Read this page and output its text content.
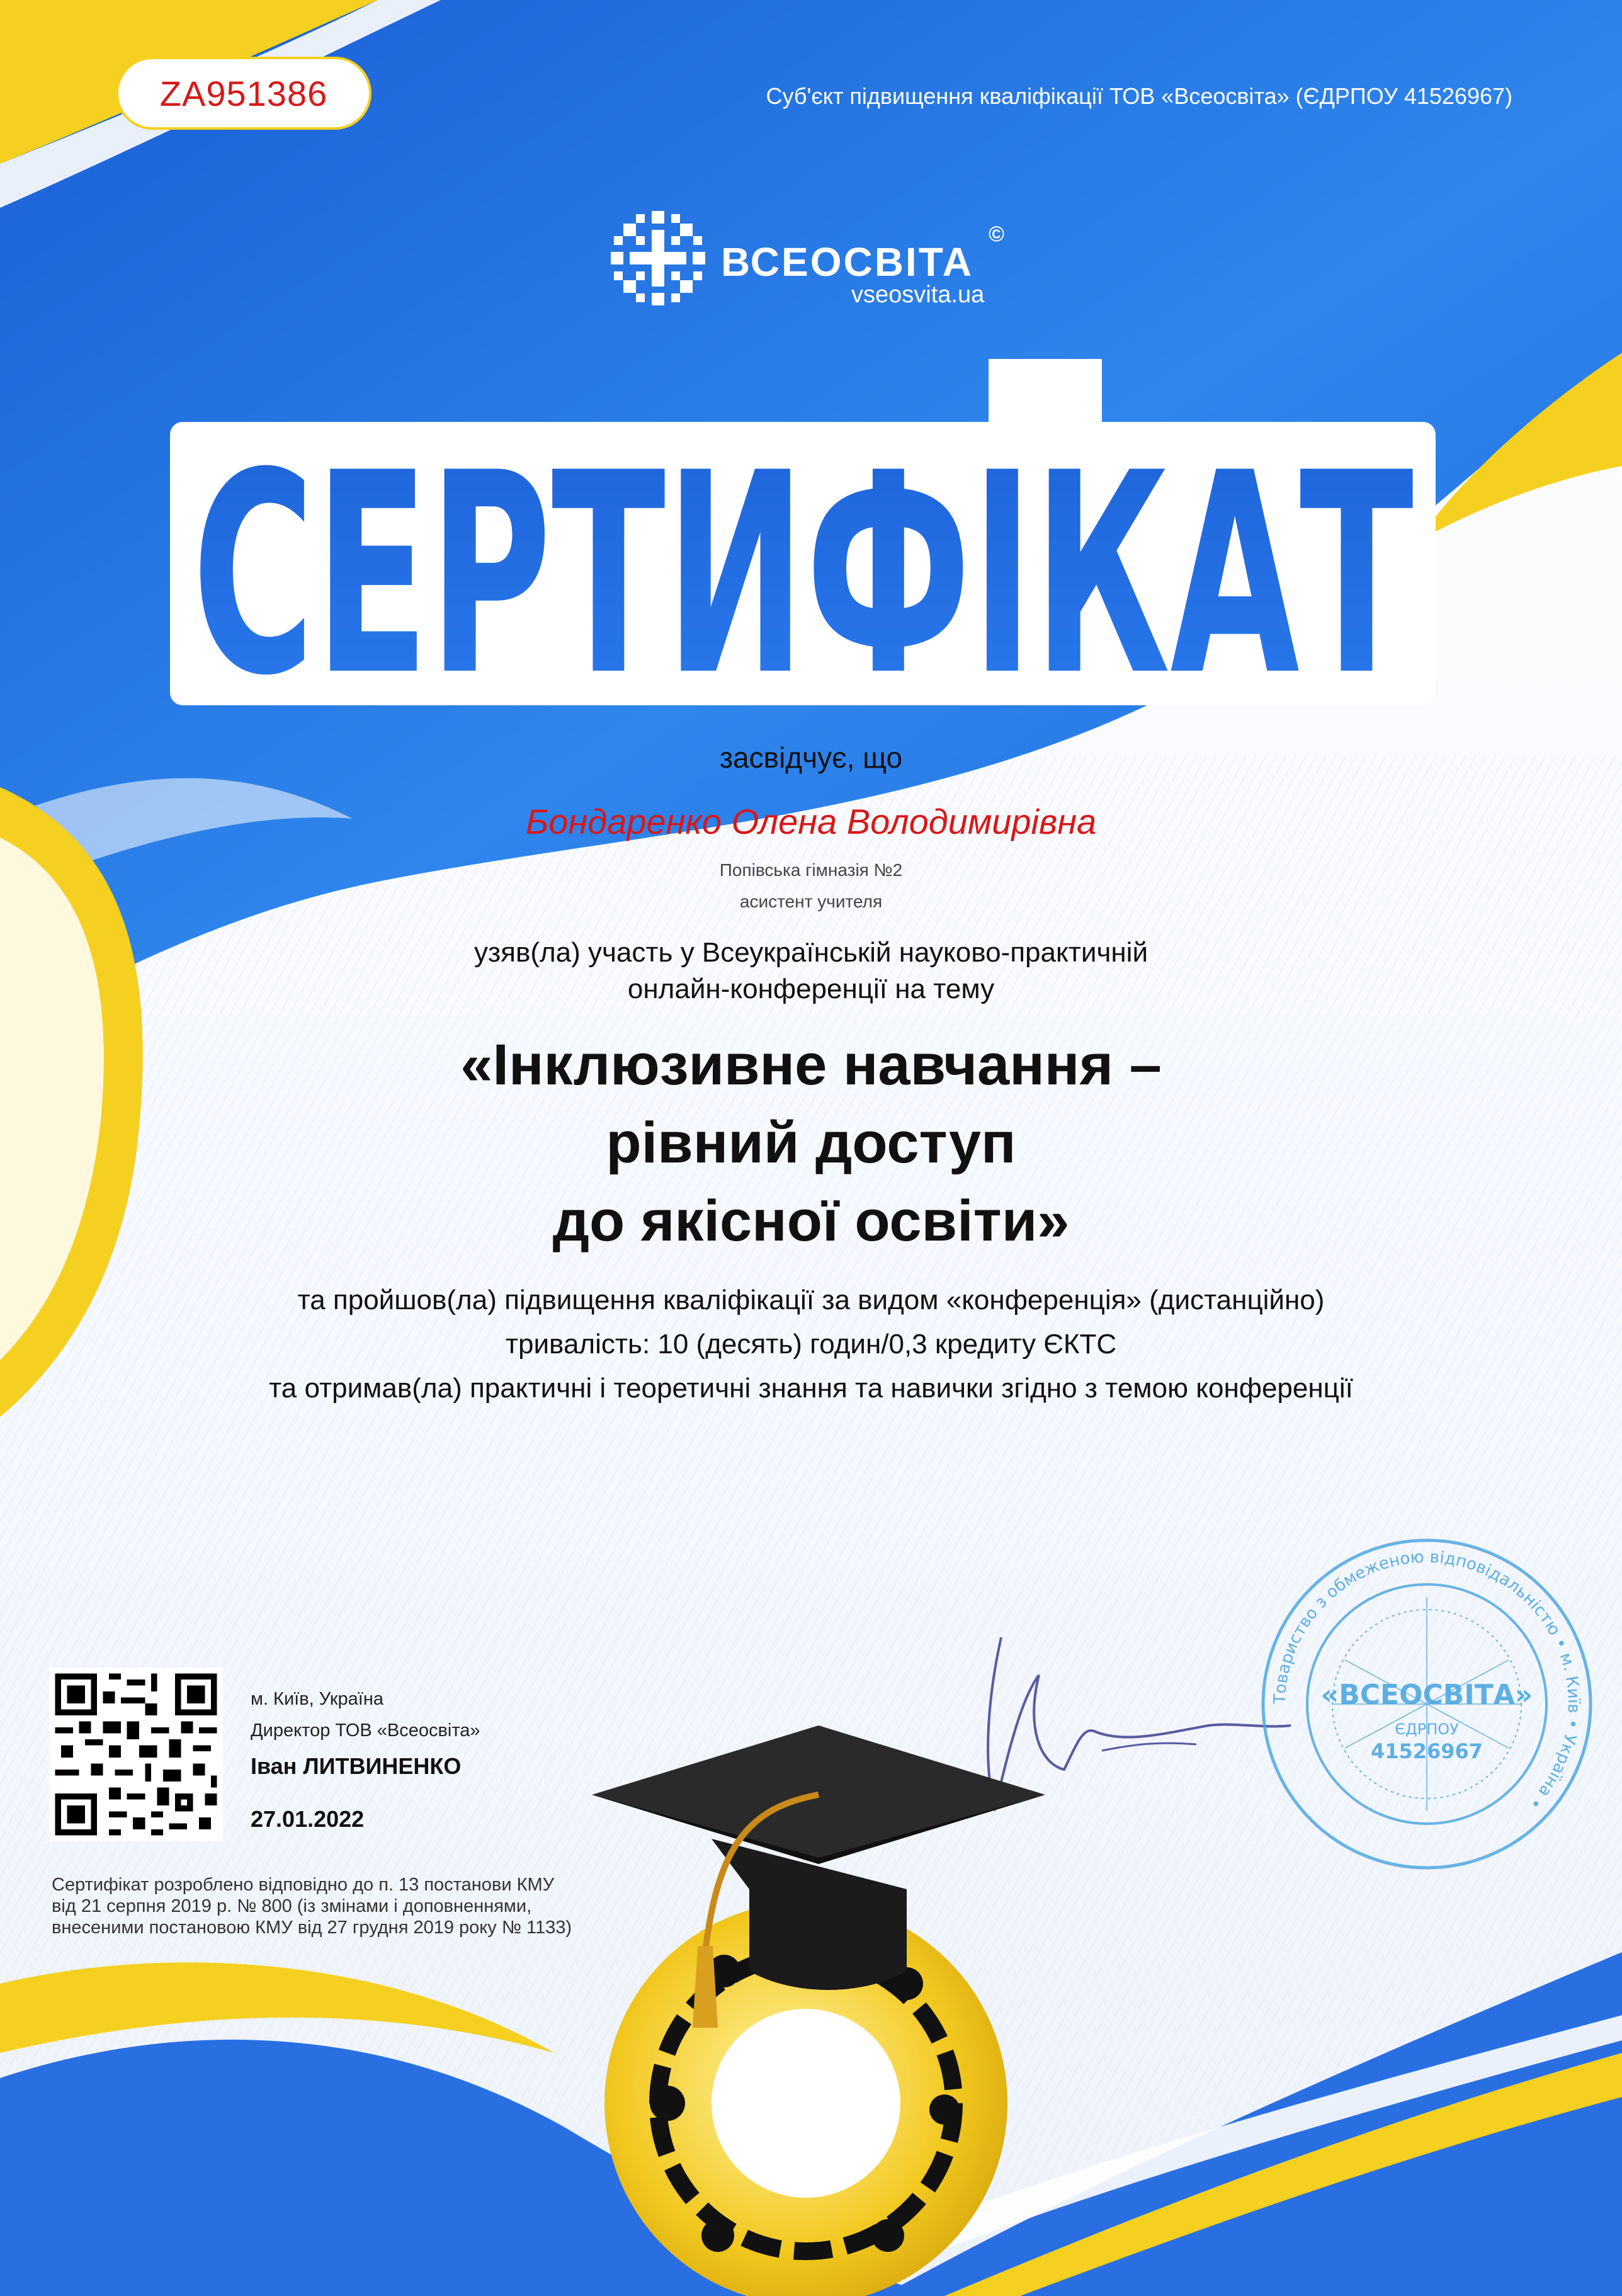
ZA951386	Суб'єкт підвищення кваліфікації ТОВ «Всеосвіта» (ЄДРПОУ 41526967)
ВСЕОСВІТА
©
vseosvita.ua
СЕРТИФІКАТ
засвідчує, що
Бондаренко Олена Володимирівна
Попівська гімназія №2
асистент учителя
узяв(ла) участь у Всеукраїнській науково-практичній
онлайн-конференції на тему
«Інклюзивне навчання –
рівний доступ
до якісної освіти»
та пройшов(ла) підвищення кваліфікації за видом «конференція» (дистанційно)
тривалість: 10 (десять) годин/0,3 кредиту ЄКТС
та отримав(ла) практичні і теоретичні знання та навички згідно з темою конференції
м. Київ, Україна
Директор ТОВ «Всеосвіта»
Іван ЛИТВИНЕНКО
27.01.2022
Сертифікат розроблено відповідно до п. 13 постанови КМУ
від 21 серпня 2019 р. № 800 (із змінами і доповненнями,
внесеними постановою КМУ від 27 грудня 2019 року № 1133)
Товариство з обмеженою відповідальністю • м. Київ • Україна •
«ВСЕОСВІТА»
ЄДРПОУ
41526967
